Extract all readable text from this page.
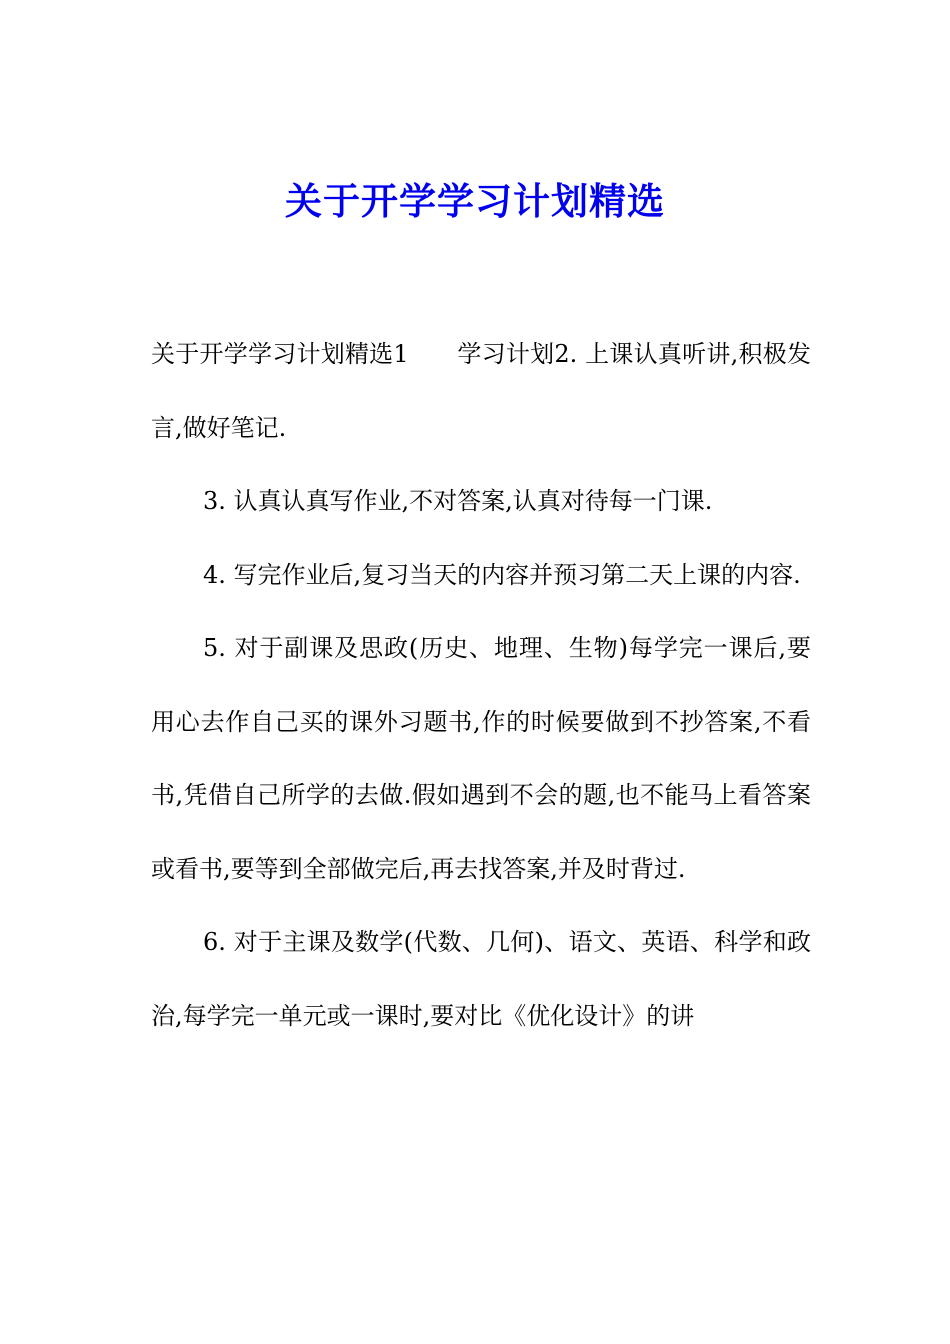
关于开学学习计划精选

关于开学学习计划精选1　　学习计划2. 上课认真听讲,积极发言,做好笔记.

3. 认真认真写作业,不对答案,认真对待每一门课.

4. 写完作业后,复习当天的内容并预习第二天上课的内容.

5. 对于副课及思政(历史、地理、生物)每学完一课后,要用心去作自己买的课外习题书,作的时候要做到不抄答案,不看书,凭借自己所学的去做.假如遇到不会的题,也不能马上看答案或看书,要等到全部做完后,再去找答案,并及时背过.

6. 对于主课及数学(代数、几何)、语文、英语、科学和政治,每学完一单元或一课时,要对比《优化设计》的讲
